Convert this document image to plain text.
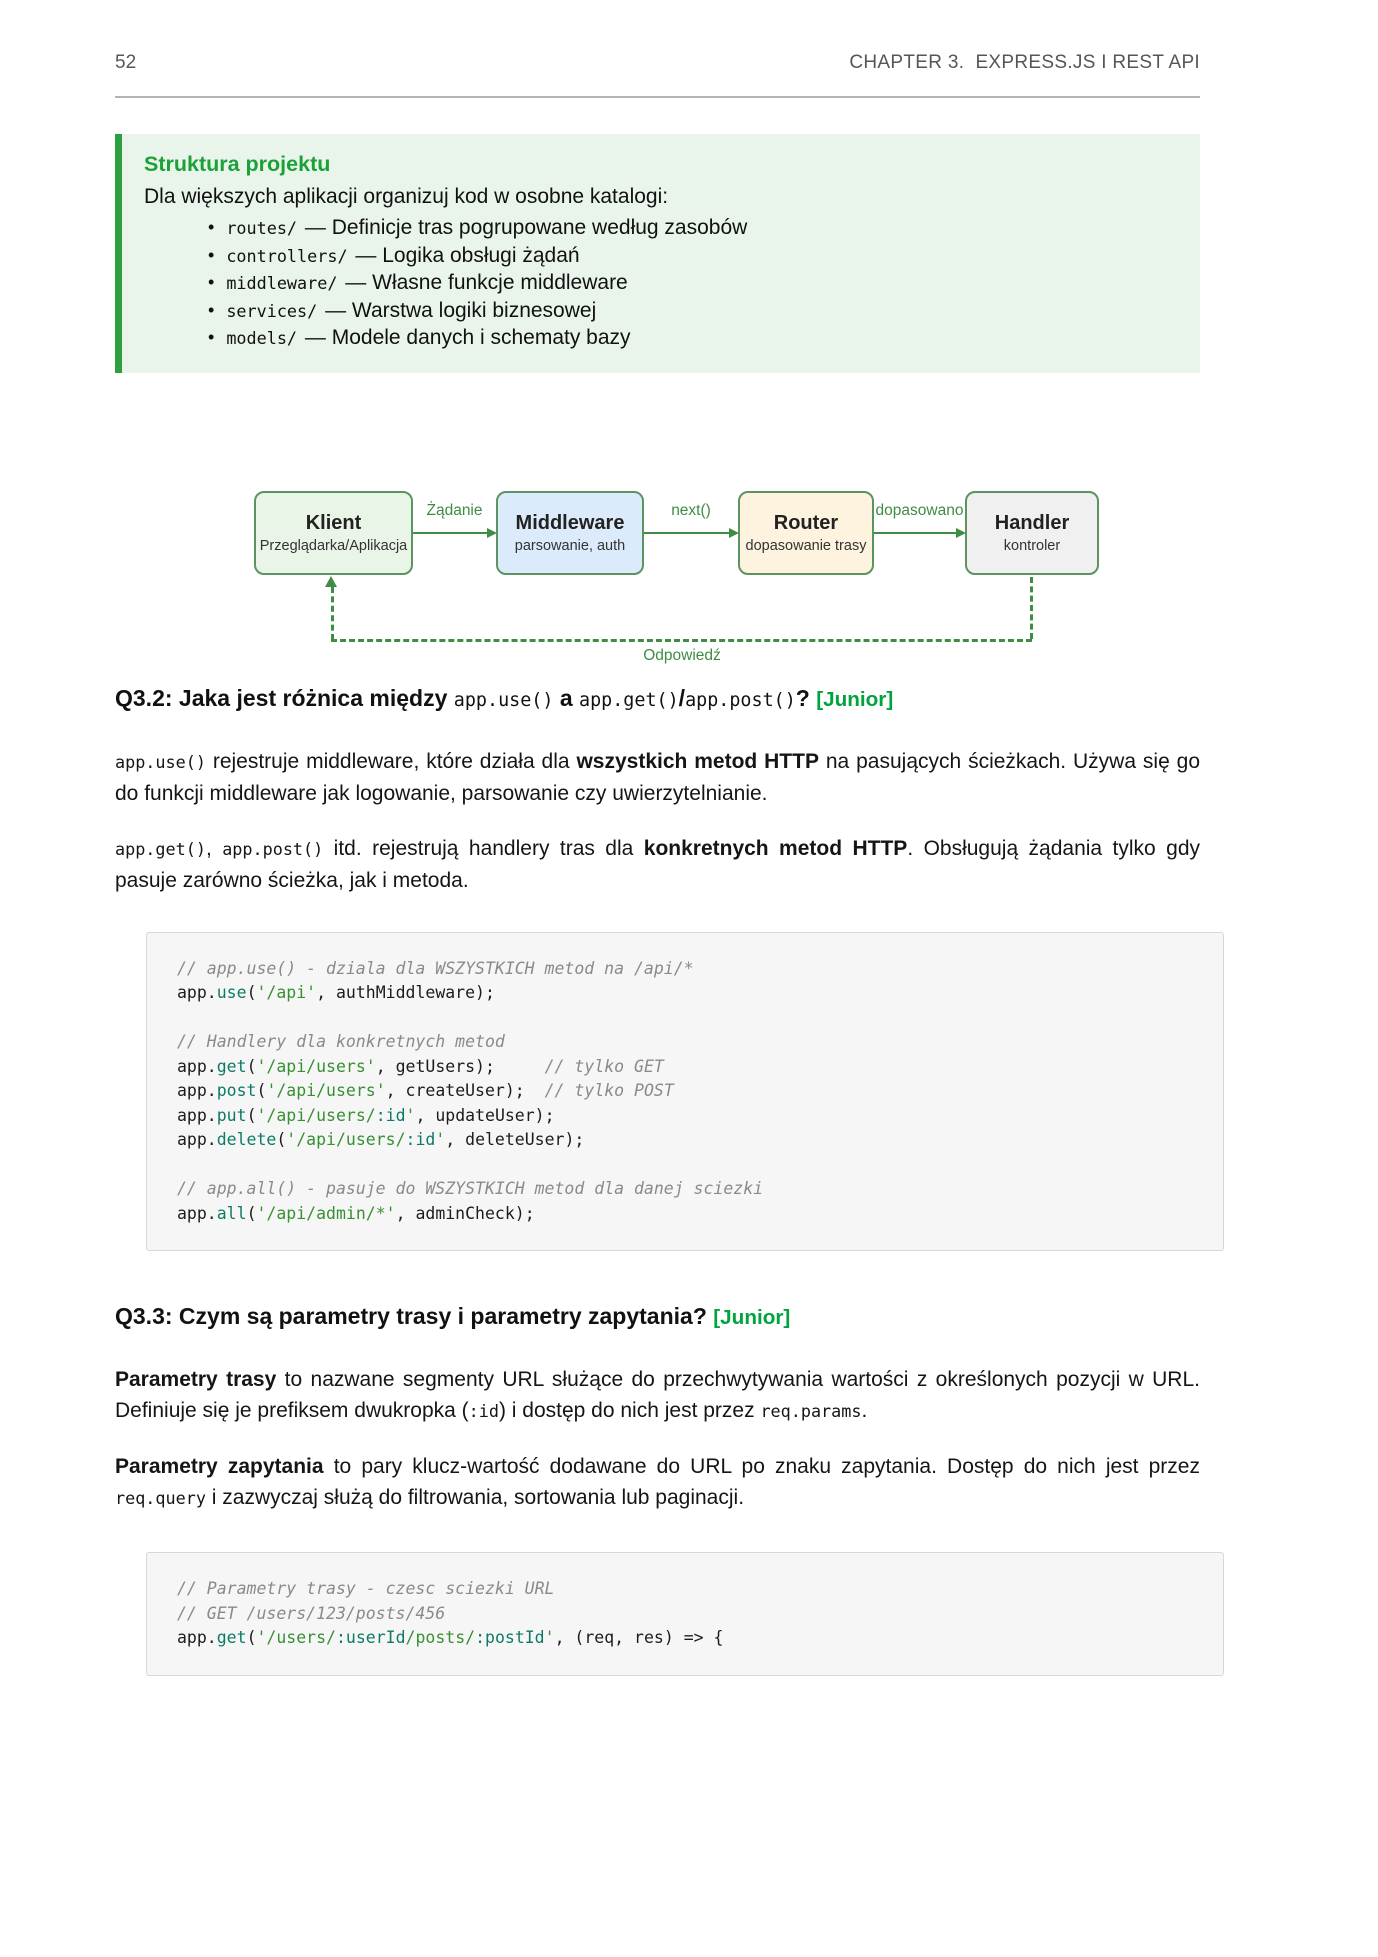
52	CHAPTER 3.  EXPRESS.JS I REST API

Struktura projektu

Dla większych aplikacji organizuj kod w osobne katalogi:

• routes/ — Definicje tras pogrupowane według zasobów
• controllers/ — Logika obsługi żądań
• middleware/ — Własne funkcje middleware
• services/ — Warstwa logiki biznesowej
• models/ — Modele danych i schematy bazy
Klient
Przeglądarka/Aplikacja
Middleware
parsowanie, auth
Router
dopasowanie trasy
Handler
kontroler
Żądanie	next()	dopasowano
Odpowiedź
Q3.2: Jaka jest różnica między app.use() a app.get()/app.post()? [Junior]

app.use() rejestruje middleware, które działa dla wszystkich metod HTTP na pasujących ścieżkach. Używa się go do funkcji middleware jak logowanie, parsowanie czy uwierzytelnianie.

app.get(), app.post() itd. rejestrują handlery tras dla konkretnych metod HTTP. Obsługują żądania tylko gdy pasuje zarówno ścieżka, jak i metoda.

// app.use() - dziala dla WSZYSTKICH metod na /api/*
app.use('/api', authMiddleware);

// Handlery dla konkretnych metod
app.get('/api/users', getUsers);     // tylko GET
app.post('/api/users', createUser);  // tylko POST
app.put('/api/users/:id', updateUser);
app.delete('/api/users/:id', deleteUser);

// app.all() - pasuje do WSZYSTKICH metod dla danej sciezki
app.all('/api/admin/*', adminCheck);
Q3.3: Czym są parametry trasy i parametry zapytania? [Junior]

Parametry trasy to nazwane segmenty URL służące do przechwytywania wartości z określonych pozycji w URL. Definiuje się je prefiksem dwukropka (:id) i dostęp do nich jest przez req.params.

Parametry zapytania to pary klucz-wartość dodawane do URL po znaku zapytania. Dostęp do nich jest przez req.query i zazwyczaj służą do filtrowania, sortowania lub paginacji.

// Parametry trasy - czesc sciezki URL
// GET /users/123/posts/456
app.get('/users/:userId/posts/:postId', (req, res) => {
